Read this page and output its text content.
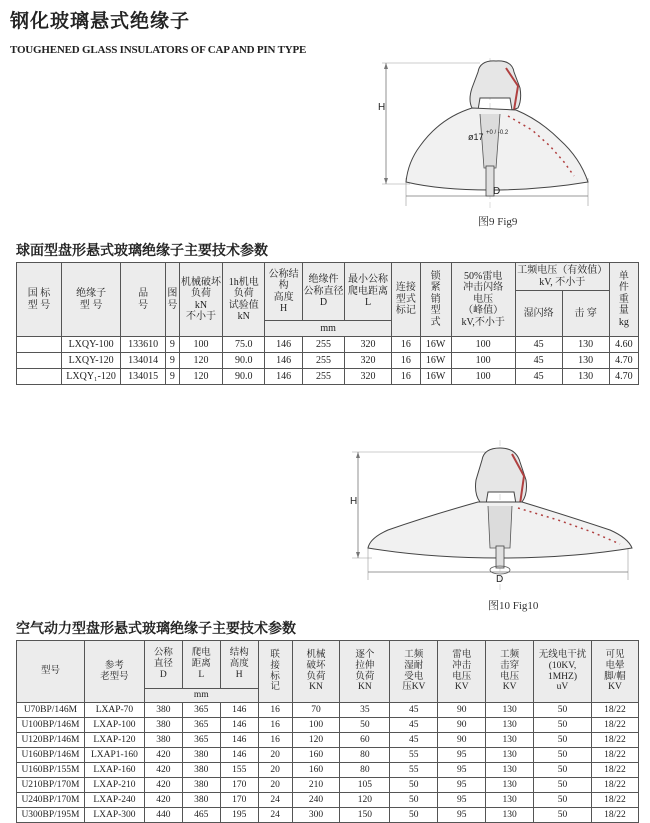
钢化玻璃悬式绝缘子
TOUGHENED GLASS INSULATORS OF CAP AND PIN TYPE
H
D
ø17 +0 / -0.2
图9 Fig9
球面型盘形悬式玻璃绝缘子主要技术参数
国 标
型 号	绝缘子
型 号	品
号	图
号	机械破坏
负荷
kN
不小于	1h机电
负荷
试验值
kN	公称结构
高度
H	绝缘件
公称直径
D	最小公称
爬电距离
L	连接
型式
标记	锁
紧
销
型
式	50%雷电
冲击闪络
电压
（峰值）
kV,不小于	工频电压（有效值）
kV, 不小于		单
件
重
量
kg

												湿闪络	击 穿	
						mm								
	LXQY-100	133610	9	100	75.0	146	255	320	16	16W	100	45	130	4.60
	LXQY-120	134014	9	120	90.0	146	255	320	16	16W	100	45	130	4.70
	LXQY₁-120	134015	9	120	90.0	146	255	320	16	16W	100	45	130	4.70
H
D
图10 Fig10
空气动力型盘形悬式玻璃绝缘子主要技术参数
型号	参考
老型号	公称
直径
D	爬电
距离
L	结构
高度
H	联
接
标
记	机械
破坏
负荷
KN	逐个
拉伸
负荷
KN	工频
湿耐
受电
压KV	雷电
冲击
电压
KV	工频
击穿
电压
KV	无线电干扰
(10KV,
1MHZ)
uV	可见
电晕
脚/帽
KV

		mm										
U70BP/146M	LXAP-70	380	365	146	16	70	35	45	90	130	50	18/22
U100BP/146M	LXAP-100	380	365	146	16	100	50	45	90	130	50	18/22
U120BP/146M	LXAP-120	380	365	146	16	120	60	45	90	130	50	18/22
U160BP/146M	LXAP1-160	420	380	146	20	160	80	55	95	130	50	18/22
U160BP/155M	LXAP-160	420	380	155	20	160	80	55	95	130	50	18/22
U210BP/170M	LXAP-210	420	380	170	20	210	105	50	95	130	50	18/22
U240BP/170M	LXAP-240	420	380	170	24	240	120	50	95	130	50	18/22
U300BP/195M	LXAP-300	440	465	195	24	300	150	50	95	130	50	18/22
